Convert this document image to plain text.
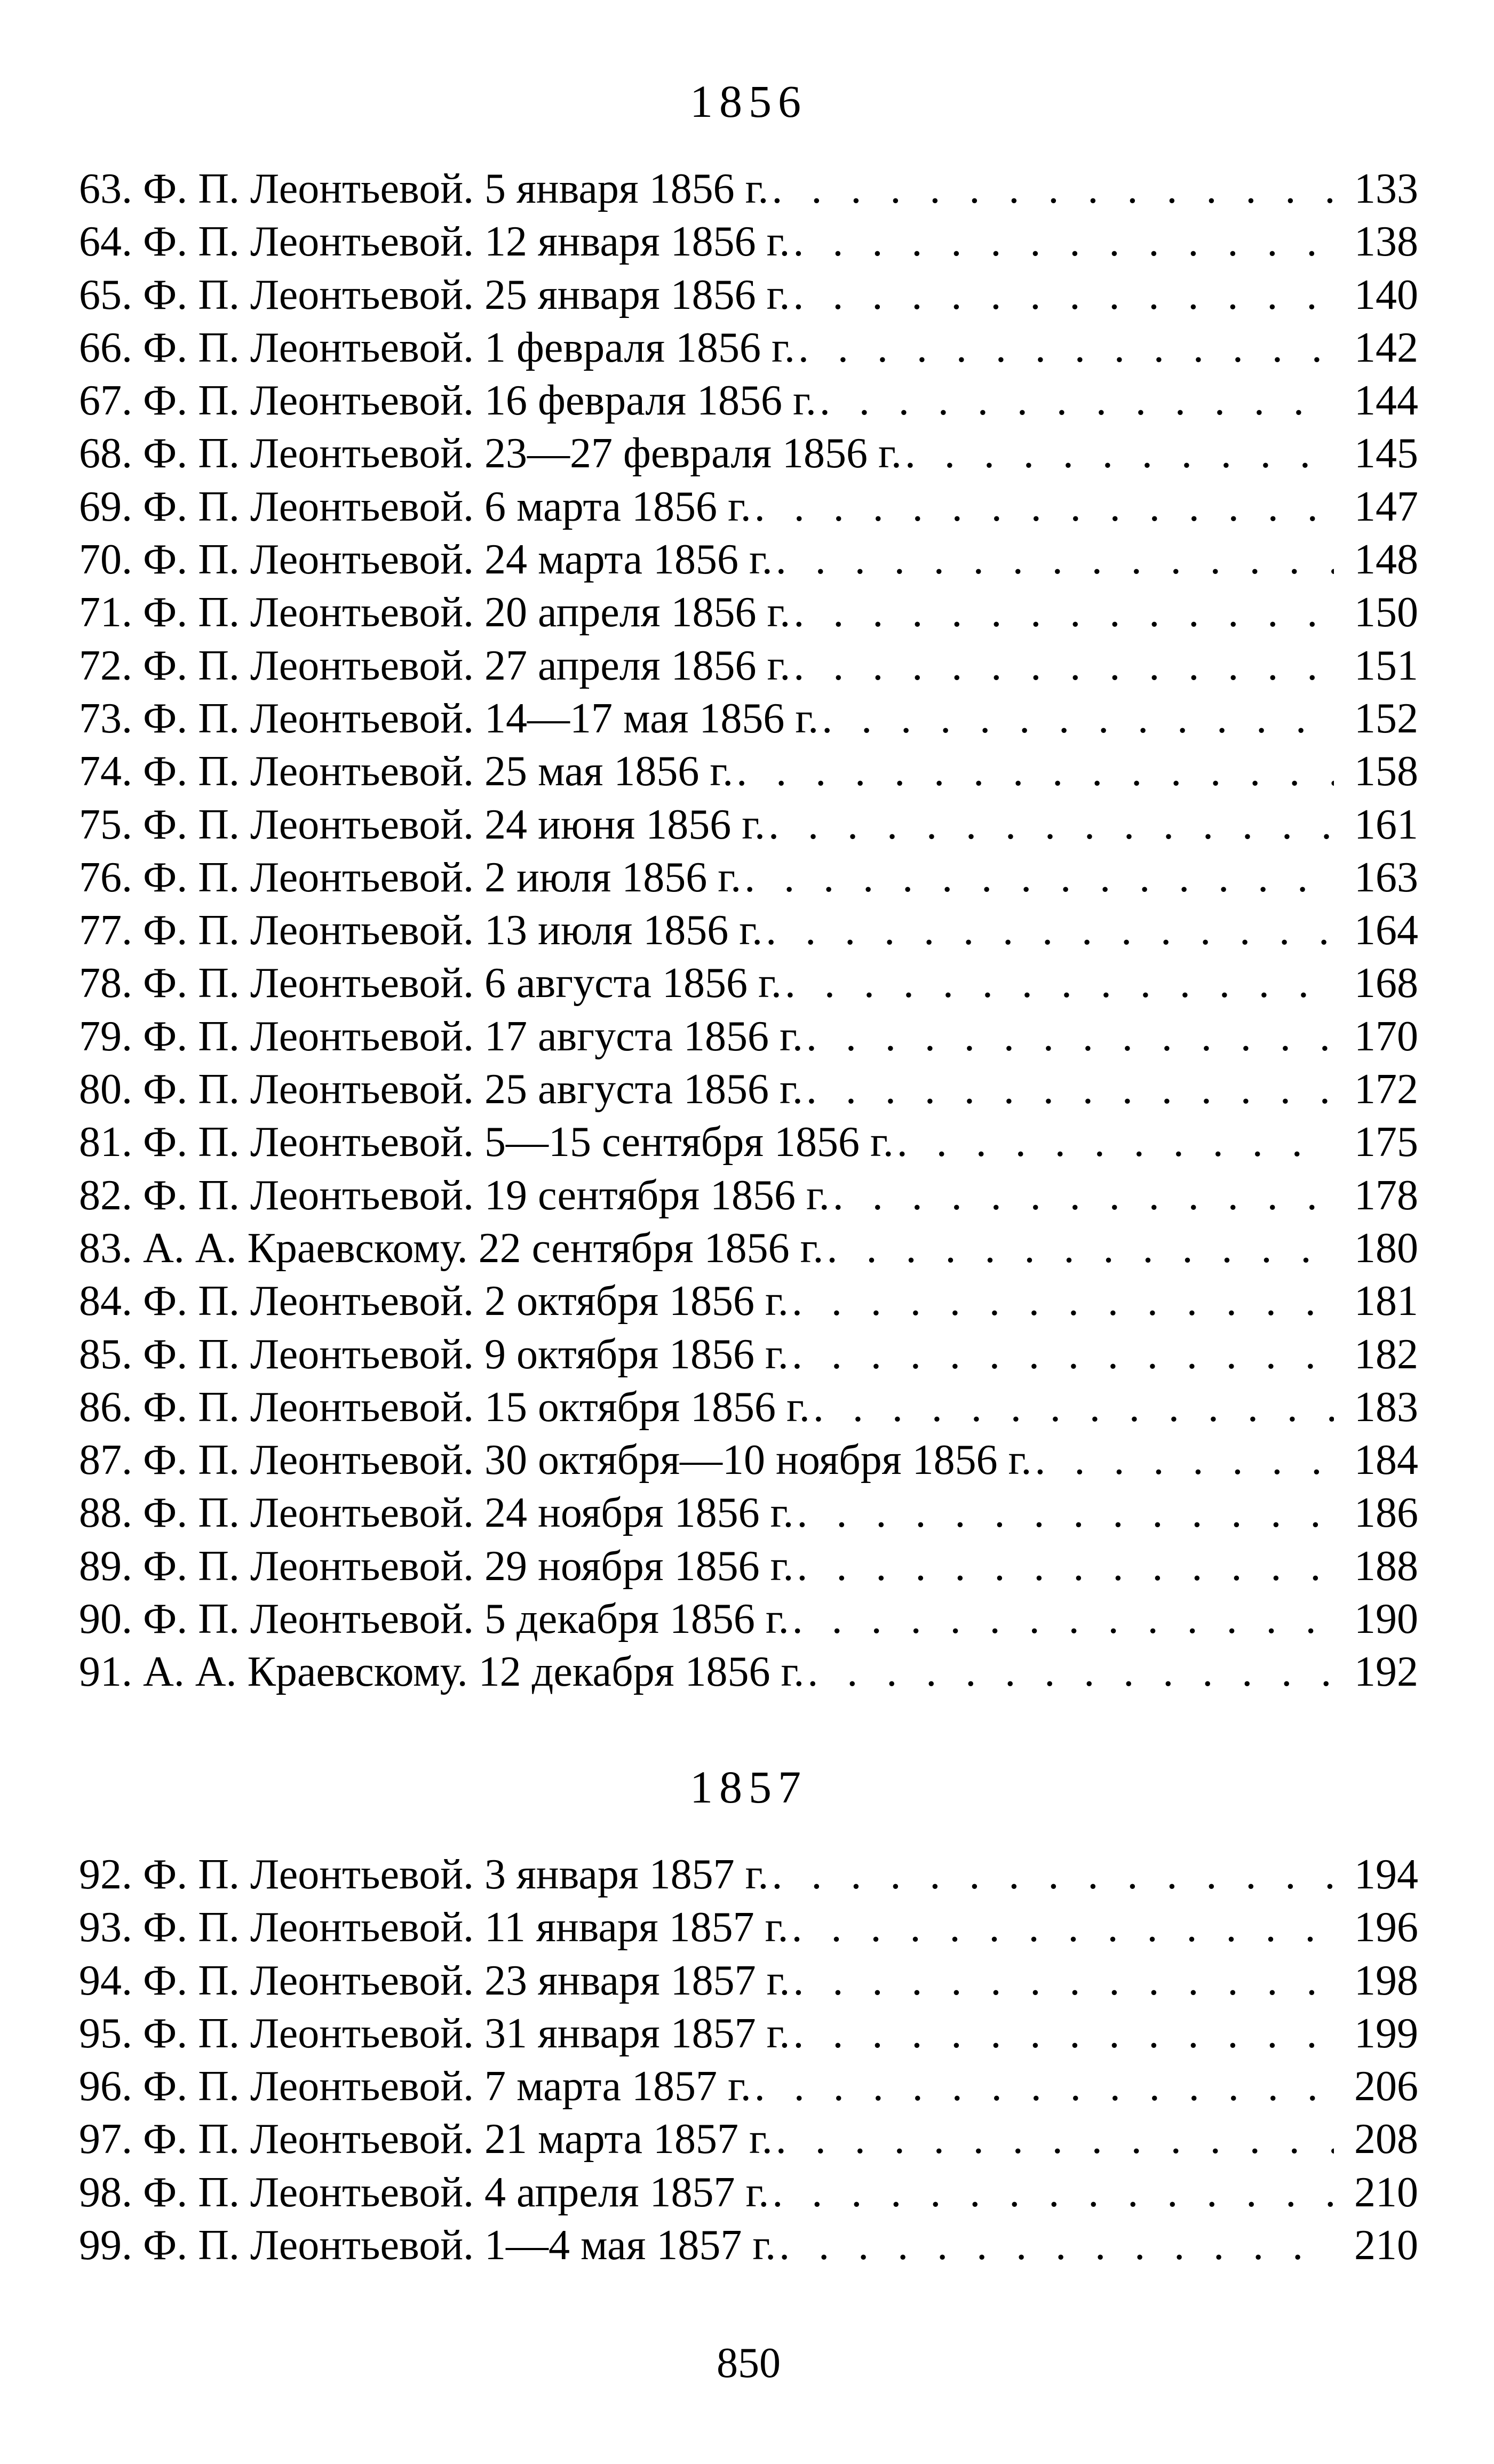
1856
63. Ф. П. Леонтьевой. 5 января 1856 г. . . .	133
64. Ф. П. Леонтьевой. 12 января 1856 г. . . .	138
65. Ф. П. Леонтьевой. 25 января 1856 г. . . .	140
66. Ф. П. Леонтьевой. 1 февраля 1856 г. . . .	142
67. Ф. П. Леонтьевой. 16 февраля 1856 г. . . .	144
68. Ф. П. Леонтьевой. 23—27 февраля 1856 г. . . .	145
69. Ф. П. Леонтьевой. 6 марта 1856 г. . . .	147
70. Ф. П. Леонтьевой. 24 марта 1856 г. . . .	148
71. Ф. П. Леонтьевой. 20 апреля 1856 г. . . .	150
72. Ф. П. Леонтьевой. 27 апреля 1856 г. . . .	151
73. Ф. П. Леонтьевой. 14—17 мая 1856 г. . . .	152
74. Ф. П. Леонтьевой. 25 мая 1856 г. . . .	158
75. Ф. П. Леонтьевой. 24 июня 1856 г. . . .	161
76. Ф. П. Леонтьевой. 2 июля 1856 г. . . .	163
77. Ф. П. Леонтьевой. 13 июля 1856 г. . . .	164
78. Ф. П. Леонтьевой. 6 августа 1856 г. . . .	168
79. Ф. П. Леонтьевой. 17 августа 1856 г. . . .	170
80. Ф. П. Леонтьевой. 25 августа 1856 г. . . .	172
81. Ф. П. Леонтьевой. 5—15 сентября 1856 г. . . .	175
82. Ф. П. Леонтьевой. 19 сентября 1856 г. . . .	178
83. А. А. Краевскому. 22 сентября 1856 г. . . .	180
84. Ф. П. Леонтьевой. 2 октября 1856 г. . . .	181
85. Ф. П. Леонтьевой. 9 октября 1856 г. . . .	182
86. Ф. П. Леонтьевой. 15 октября 1856 г. . . .	183
87. Ф. П. Леонтьевой. 30 октября—10 ноября 1856 г. . . .	184
88. Ф. П. Леонтьевой. 24 ноября 1856 г. . . .	186
89. Ф. П. Леонтьевой. 29 ноября 1856 г. . . .	188
90. Ф. П. Леонтьевой. 5 декабря 1856 г. . . .	190
91. А. А. Краевскому. 12 декабря 1856 г. . . .	192
1857
92. Ф. П. Леонтьевой. 3 января 1857 г. . . .	194
93. Ф. П. Леонтьевой. 11 января 1857 г. . . .	196
94. Ф. П. Леонтьевой. 23 января 1857 г. . . .	198
95. Ф. П. Леонтьевой. 31 января 1857 г. . . .	199
96. Ф. П. Леонтьевой. 7 марта 1857 г. . . .	206
97. Ф. П. Леонтьевой. 21 марта 1857 г. . . .	208
98. Ф. П. Леонтьевой. 4 апреля 1857 г. . . .	210
99. Ф. П. Леонтьевой. 1—4 мая 1857 г. . . .	210
850
